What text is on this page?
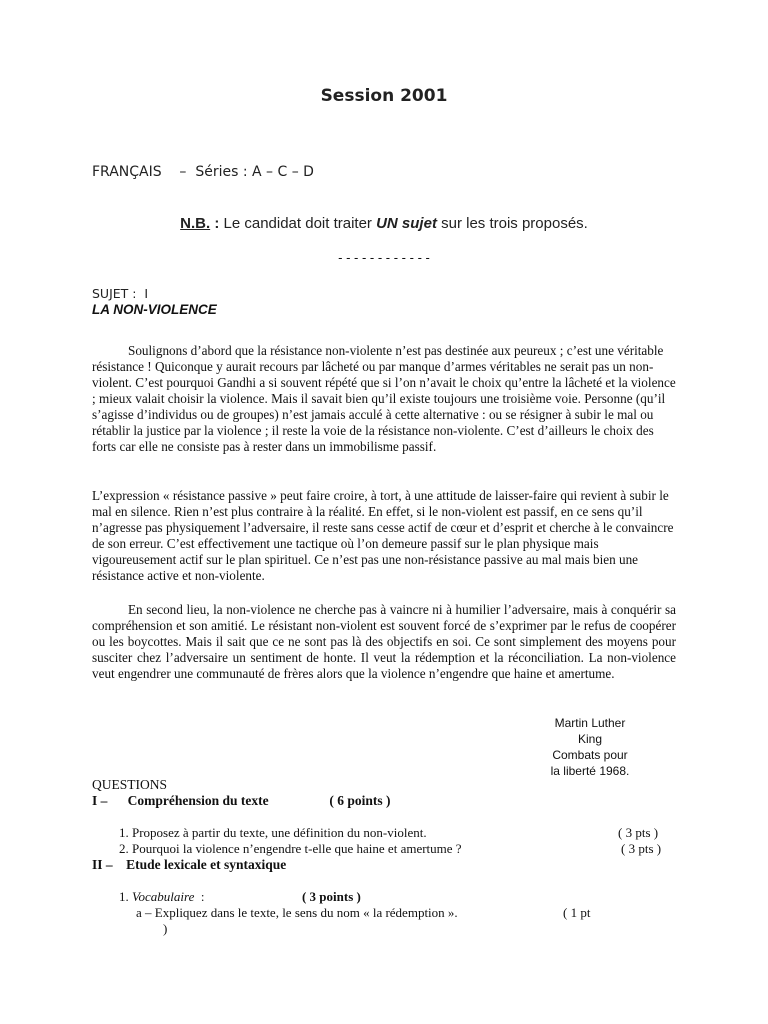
Session 2001
FRANÇAIS    –  Séries : A – C – D
N.B. : Le candidat doit traiter UN sujet sur les trois proposés.
- - - - - - - - - - - -
SUJET :  I
LA NON-VIOLENCE
Soulignons d’abord que la résistance non-violente n’est pas destinée aux peureux ; c’est une véritable résistance ! Quiconque y aurait recours par lâcheté ou par manque d’armes véritables ne serait pas un non-violent. C’est pourquoi Gandhi a si souvent répété que si l’on n’avait le choix qu’entre la lâcheté et la violence ; mieux valait choisir la violence. Mais il savait bien qu’il existe toujours une troisième voie. Personne (qu’il s’agisse d’individus ou de groupes) n’est jamais acculé à cette alternative : ou se résigner à subir le mal ou rétablir la justice par la violence ; il reste la voie de la résistance non-violente. C’est d’ailleurs le choix des forts car elle ne consiste pas à rester dans un immobilisme passif.
L’expression « résistance passive » peut faire croire, à tort, à une attitude de laisser-faire qui revient à subir le mal en silence. Rien n’est plus contraire à la réalité. En effet, si le non-violent est passif, en ce sens qu’il n’agresse pas physiquement l’adversaire, il reste sans cesse actif de cœur et d’esprit et cherche à le convaincre de son erreur. C’est effectivement une tactique où l’on demeure passif sur le plan physique mais vigoureusement actif sur le plan spirituel. Ce n’est pas une non-résistance passive au mal mais bien une résistance active et non-violente.
En second lieu, la non-violence ne cherche pas à vaincre ni à humilier l’adversaire, mais à conquérir sa compréhension et son amitié. Le résistant non-violent est souvent forcé de s’exprimer par le refus de coopérer ou les boycottes. Mais il sait que ce ne sont pas là des objectifs en soi. Ce sont simplement des moyens pour susciter chez l’adversaire un sentiment de honte. Il veut la rédemption et la réconciliation. La non-violence veut engendrer une communauté de frères alors que la violence n’engendre que haine et amertume.
Martin Luther
King
Combats pour
la liberté 1968.
QUESTIONS
I –      Compréhension du texte                  ( 6 points )
1. Proposez à partir du texte, une définition du non-violent.	( 3 pts )
2. Pourquoi la violence n’engendre t-elle que haine et amertume ?	( 3 pts )
II –    Etude lexicale et syntaxique
1. Vocabulaire  :                              ( 3 points )
a – Expliquez dans le texte, le sens du nom « la rédemption ».	( 1 pt
)
